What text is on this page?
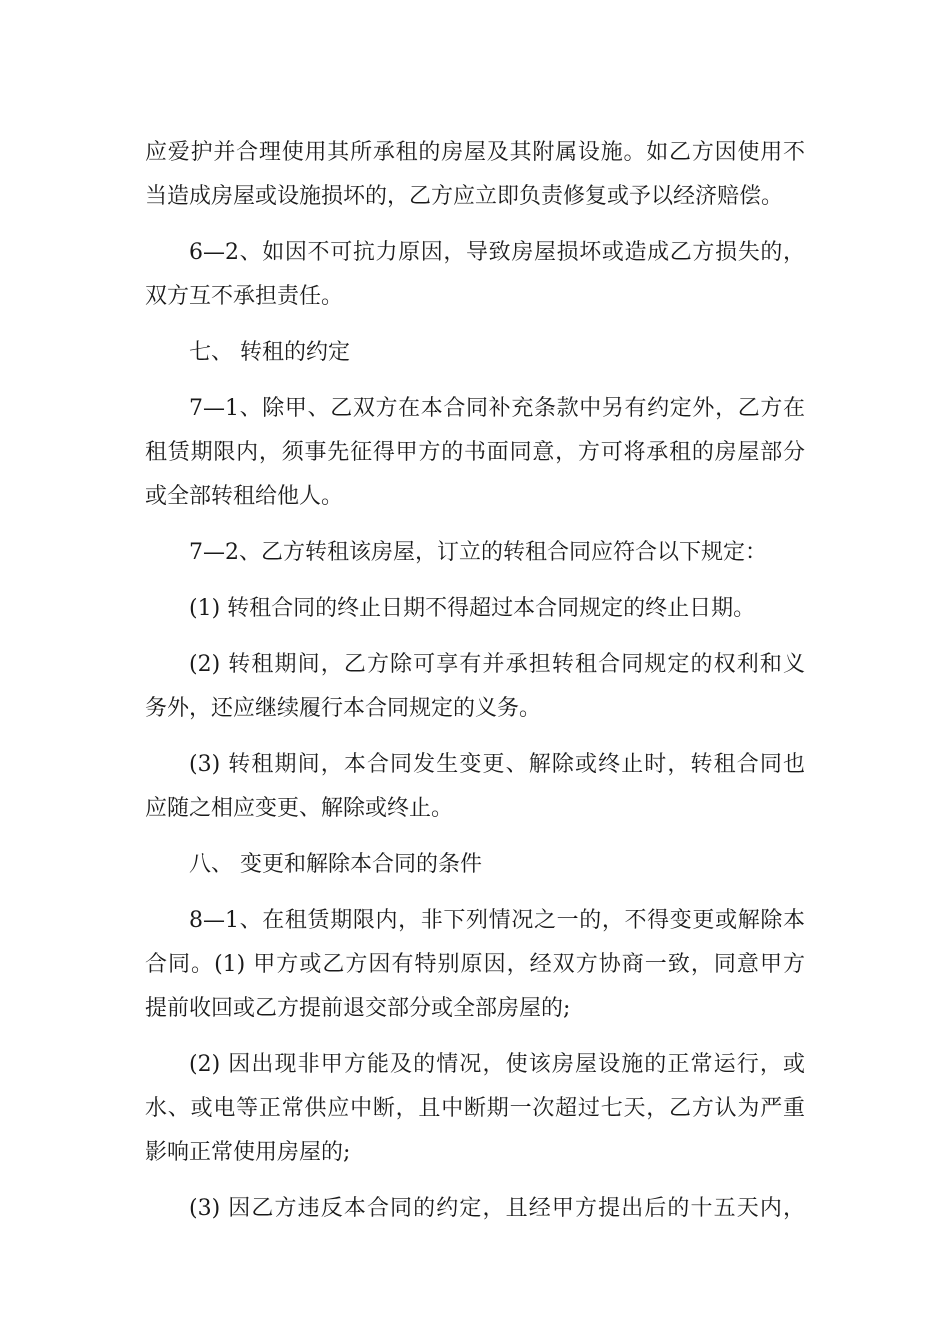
应爱护并合理使用其所承租的房屋及其附属设施。如乙方因使用不
当造成房屋或设施损坏的，乙方应立即负责修复或予以经济赔偿。
6—2、如因不可抗力原因，导致房屋损坏或造成乙方损失的，
双方互不承担责任。
七、 转租的约定
7—1、除甲、乙双方在本合同补充条款中另有约定外，乙方在
租赁期限内，须事先征得甲方的书面同意，方可将承租的房屋部分
或全部转租给他人。
7—2、乙方转租该房屋，订立的转租合同应符合以下规定：
(1) 转租合同的终止日期不得超过本合同规定的终止日期。
(2) 转租期间，乙方除可享有并承担转租合同规定的权利和义
务外，还应继续履行本合同规定的义务。
(3) 转租期间，本合同发生变更、解除或终止时，转租合同也
应随之相应变更、解除或终止。
八、 变更和解除本合同的条件
8—1、在租赁期限内，非下列情况之一的，不得变更或解除本
合同。(1) 甲方或乙方因有特别原因，经双方协商一致，同意甲方
提前收回或乙方提前退交部分或全部房屋的;
(2) 因出现非甲方能及的情况，使该房屋设施的正常运行，或
水、或电等正常供应中断，且中断期一次超过七天，乙方认为严重
影响正常使用房屋的;
(3) 因乙方违反本合同的约定，且经甲方提出后的十五天内，
